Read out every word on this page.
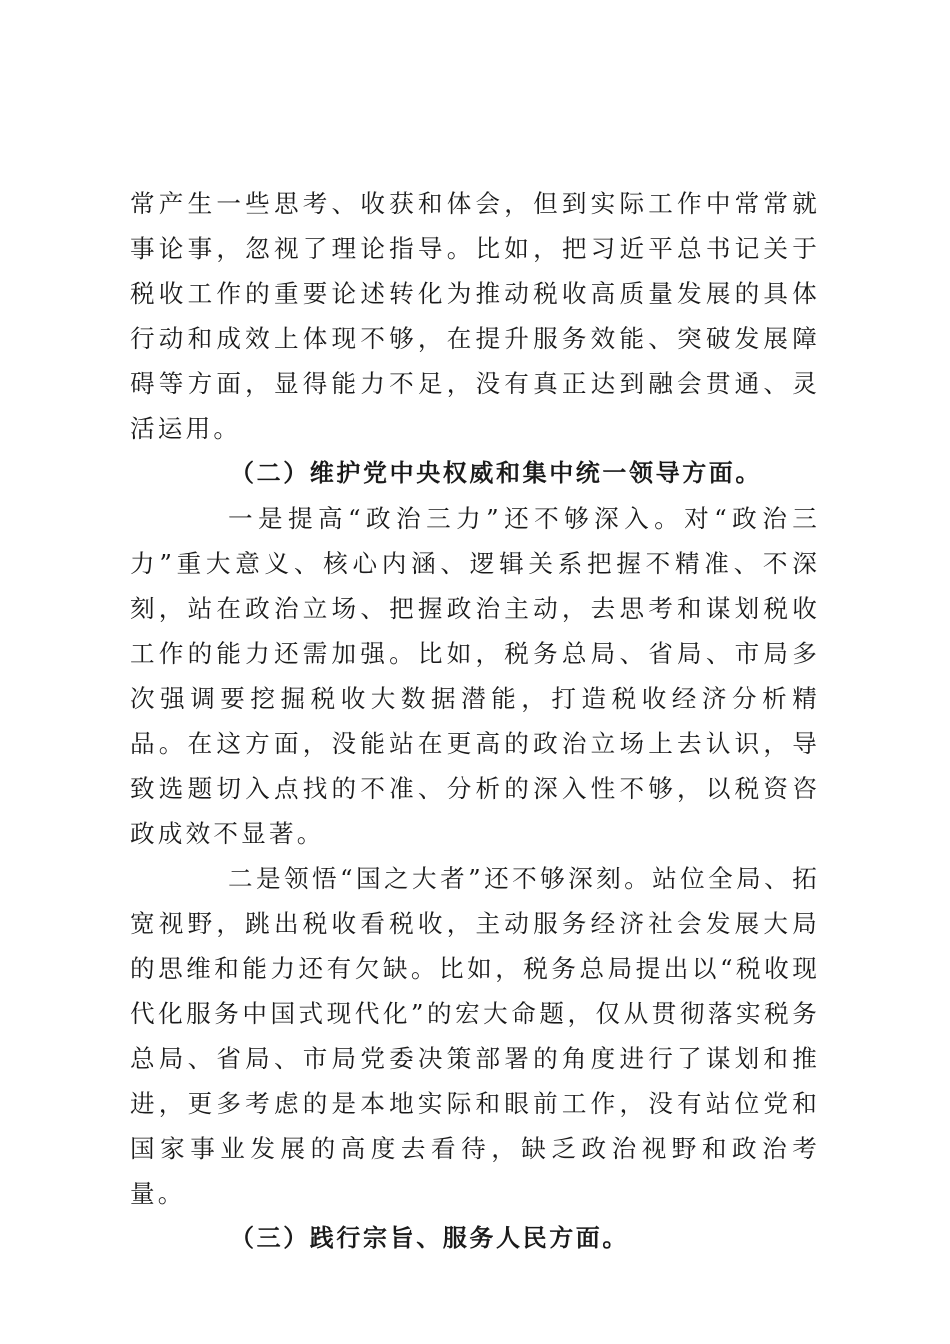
常产生一些思考、收获和体会，但到实际工作中常常就事论事，忽视了理论指导。比如，把习近平总书记关于税收工作的重要论述转化为推动税收高质量发展的具体行动和成效上体现不够，在提升服务效能、突破发展障碍等方面，显得能力不足，没有真正达到融会贯通、灵活运用。

（二）维护党中央权威和集中统一领导方面。

一是提高“政治三力”还不够深入。对“政治三力”重大意义、核心内涵、逻辑关系把握不精准、不深刻，站在政治立场、把握政治主动，去思考和谋划税收工作的能力还需加强。比如，税务总局、省局、市局多次强调要挖掘税收大数据潜能，打造税收经济分析精品。在这方面，没能站在更高的政治立场上去认识，导致选题切入点找的不准、分析的深入性不够，以税资咨政成效不显著。

二是领悟“国之大者”还不够深刻。站位全局、拓宽视野，跳出税收看税收，主动服务经济社会发展大局的思维和能力还有欠缺。比如，税务总局提出以“税收现代化服务中国式现代化”的宏大命题，仅从贯彻落实税务总局、省局、市局党委决策部署的角度进行了谋划和推进，更多考虑的是本地实际和眼前工作，没有站位党和国家事业发展的高度去看待，缺乏政治视野和政治考量。

（三）践行宗旨、服务人民方面。
